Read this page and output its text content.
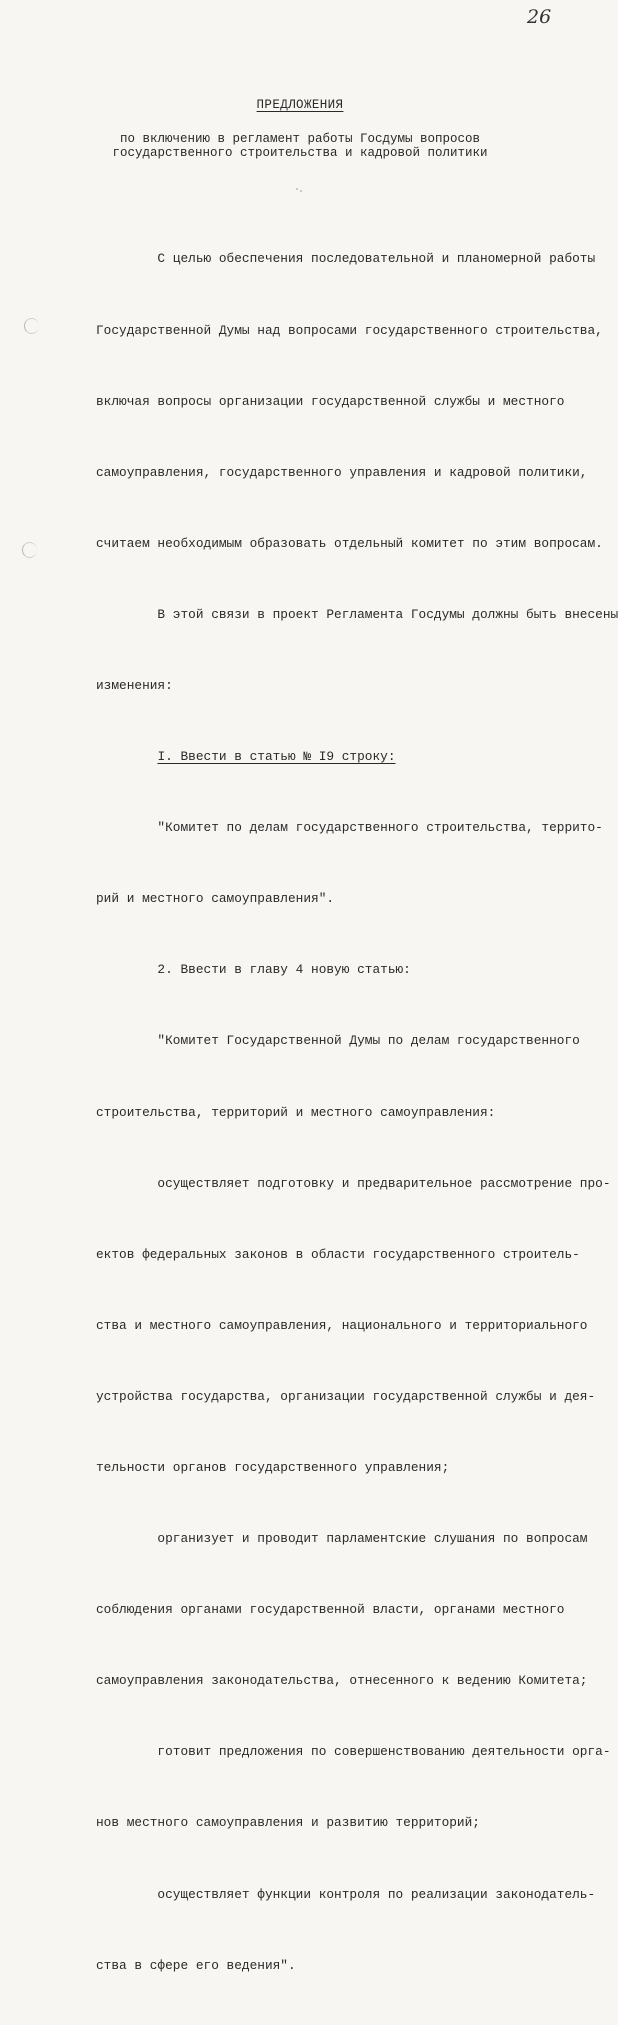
26
ПРЕДЛОЖЕНИЯ
по включению в регламент работы Госдумы вопросов
государственного строительства и кадровой политики

С целью обеспечения последовательной и планомерной работы

Государственной Думы над вопросами государственного строительства,

включая вопросы организации государственной службы и местного

самоуправления, государственного управления и кадровой политики,

считаем необходимым образовать отдельный комитет по этим вопросам.

В этой связи в проект Регламента Госдумы должны быть внесены

изменения:

I. Ввести в статью № I9 строку:

"Комитет по делам государственного строительства, террито-

рий и местного самоуправления".

2. Ввести в главу 4 новую статью:

"Комитет Государственной Думы по делам государственного

строительства, территорий и местного самоуправления:

осуществляет подготовку и предварительное рассмотрение про-

ектов федеральных законов в области государственного строитель-

ства и местного самоуправления, национального и территориального

устройства государства, организации государственной службы и дея-

тельности органов государственного управления;

организует и проводит парламентские слушания по вопросам

соблюдения органами государственной власти, органами местного

самоуправления законодательства, отнесенного к ведению Комитета;

готовит предложения по совершенствованию деятельности орга-

нов местного самоуправления и развитию территорий;

осуществляет функции контроля по реализации законодатель-

ства в сфере его ведения".
